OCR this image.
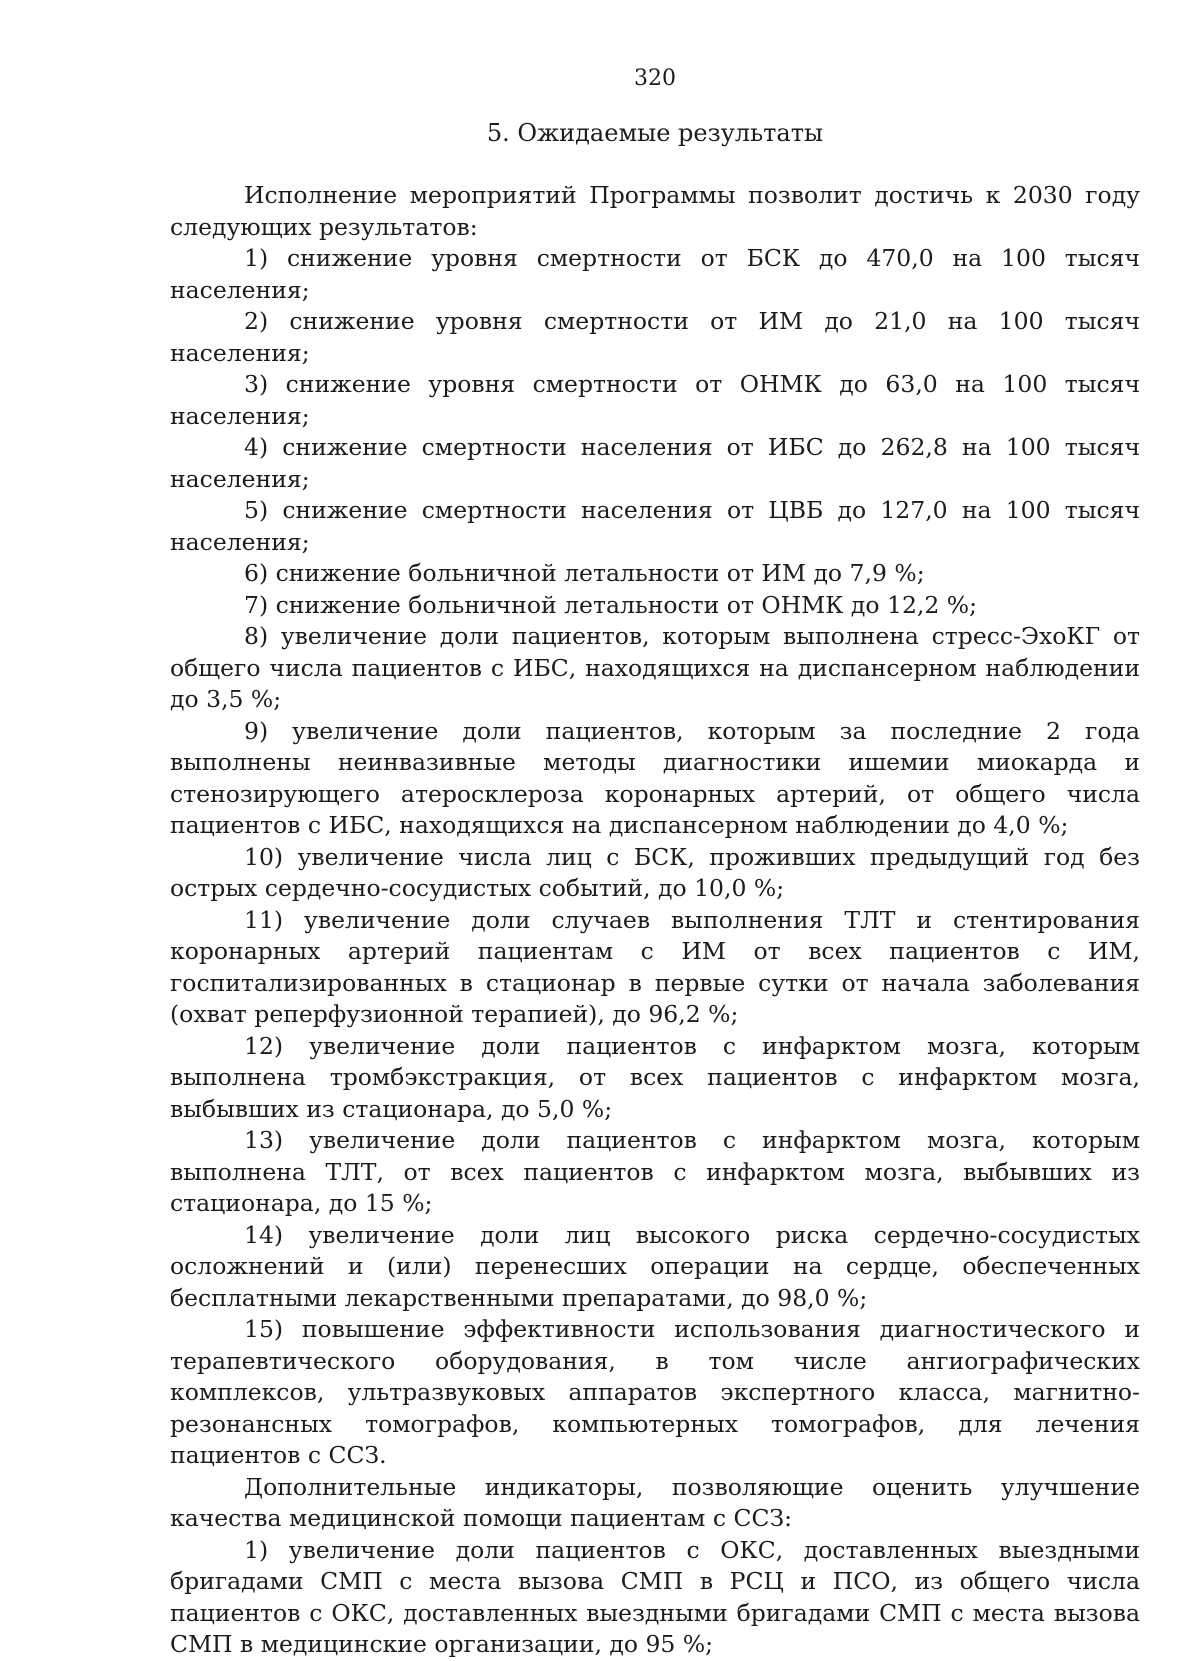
320
5. Ожидаемые результаты

Исполнение мероприятий Программы позволит достичь к 2030 году следующих результатов:

1) снижение уровня смертности от БСК до 470,0 на 100 тысяч населения;

2) снижение уровня смертности от ИМ до 21,0 на 100 тысяч населения;

3) снижение уровня смертности от ОНМК до 63,0 на 100 тысяч населения;

4) снижение смертности населения от ИБС до 262,8 на 100 тысяч населения;

5) снижение смертности населения от ЦВБ до 127,0 на 100 тысяч населения;

6) снижение больничной летальности от ИМ до 7,9 %;

7) снижение больничной летальности от ОНМК до 12,2 %;

8) увеличение доли пациентов, которым выполнена стресс-ЭхоКГ от общего числа пациентов с ИБС, находящихся на диспансерном наблюдении до 3,5 %;

9) увеличение доли пациентов, которым за последние 2 года выполнены неинвазивные методы диагностики ишемии миокарда и стенозирующего атеросклероза коронарных артерий, от общего числа пациентов с ИБС, находящихся на диспансерном наблюдении до 4,0 %;

10) увеличение числа лиц с БСК, проживших предыдущий год без острых сердечно-сосудистых событий, до 10,0 %;

11) увеличение доли случаев выполнения ТЛТ и стентирования коронарных артерий пациентам с ИМ от всех пациентов с ИМ, госпитализированных в стационар в первые сутки от начала заболевания (охват реперфузионной терапией), до 96,2 %;

12) увеличение доли пациентов с инфарктом мозга, которым выполнена тромбэкстракция, от всех пациентов с инфарктом мозга, выбывших из стационара, до 5,0 %;

13) увеличение доли пациентов с инфарктом мозга, которым выполнена ТЛТ, от всех пациентов с инфарктом мозга, выбывших из стационара, до 15 %;

14) увеличение доли лиц высокого риска сердечно-сосудистых осложнений и (или) перенесших операции на сердце, обеспеченных бесплатными лекарственными препаратами, до 98,0 %;

15) повышение эффективности использования диагностического и терапевтического оборудования, в том числе ангиографических комплексов, ультразвуковых аппаратов экспертного класса, магнитно-резонансных томографов, компьютерных томографов, для лечения пациентов с ССЗ.

Дополнительные индикаторы, позволяющие оценить улучшение качества медицинской помощи пациентам с ССЗ:

1) увеличение доли пациентов с ОКС, доставленных выездными бригадами СМП с места вызова СМП в РСЦ и ПСО, из общего числа пациентов с ОКС, доставленных выездными бригадами СМП с места вызова СМП в медицинские организации, до 95 %;
